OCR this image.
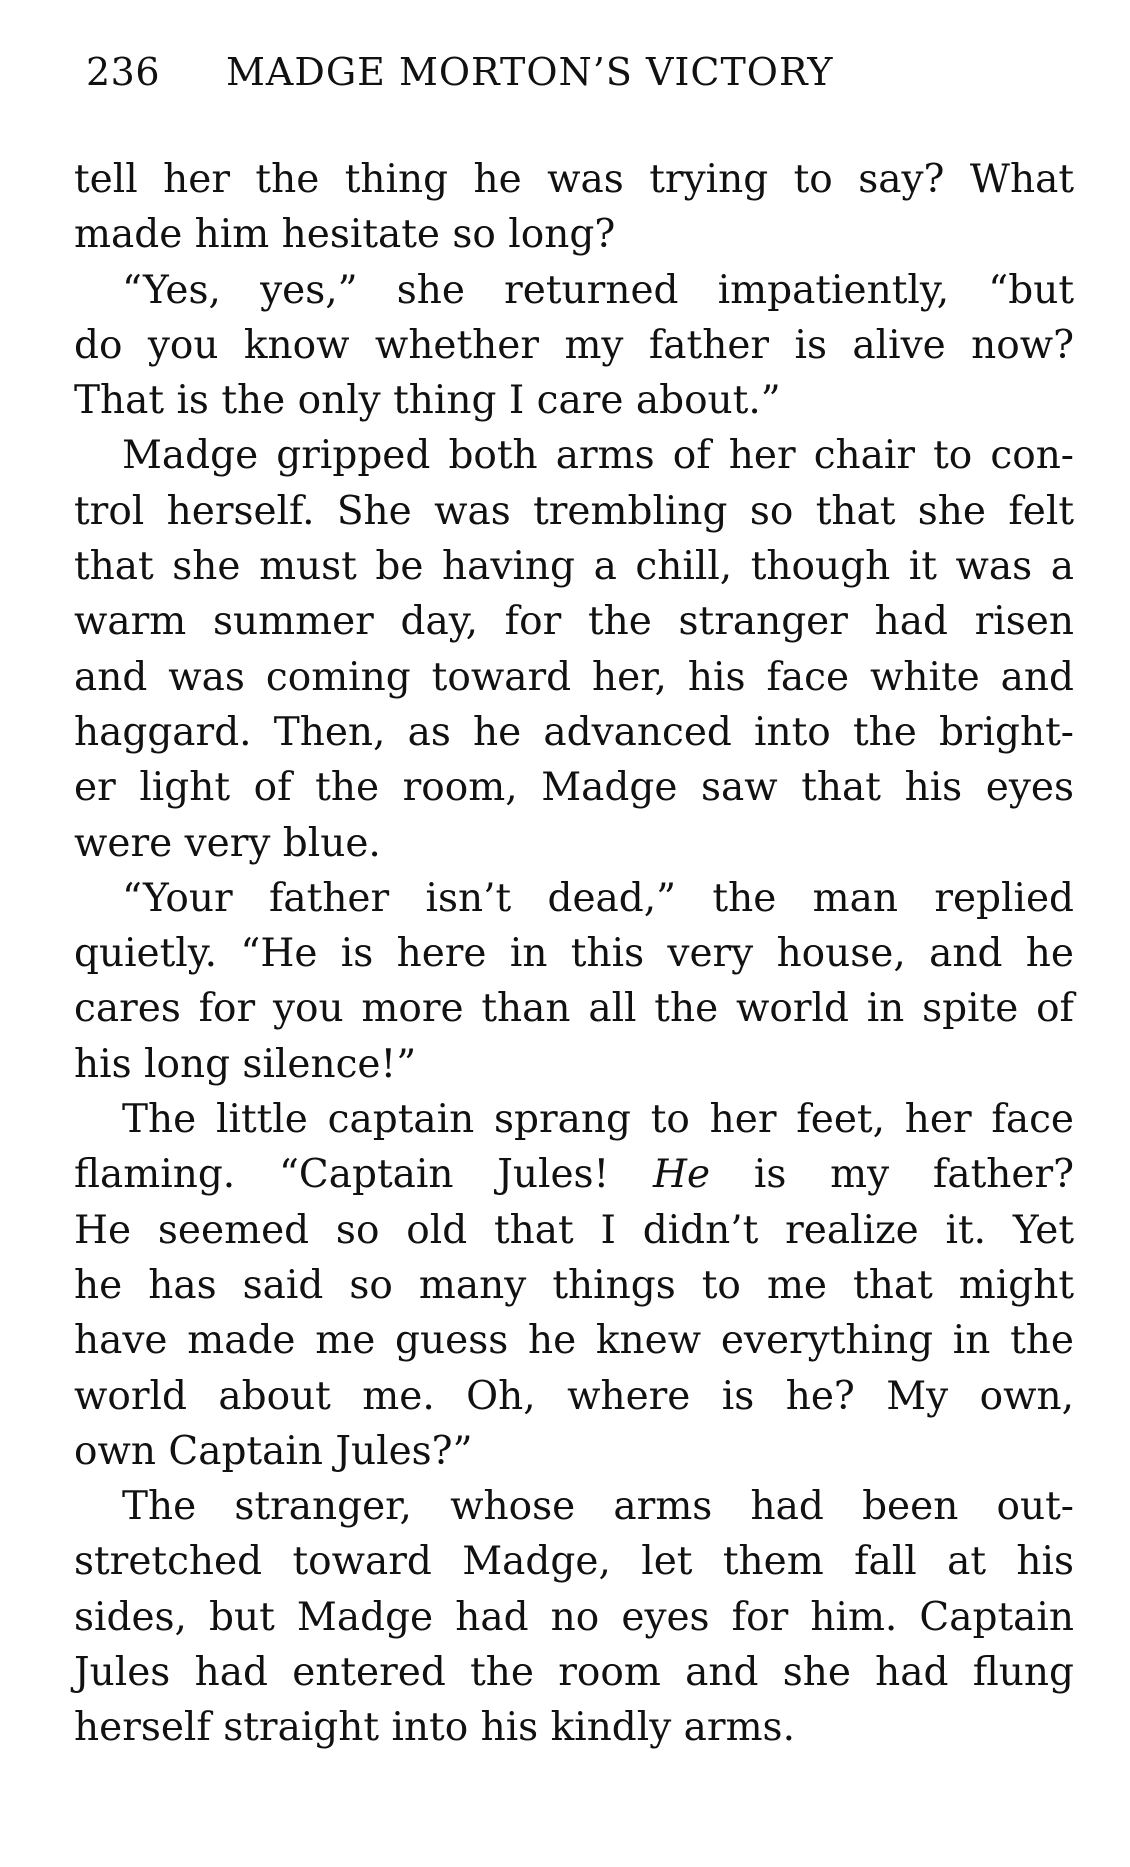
236 MADGE MORTON’S VICTORY
tell her the thing he was trying to say? What
made him hesitate so long?
“Yes, yes,” she returned impatiently, “but
do you know whether my father is alive now?
That is the only thing I care about.”
Madge gripped both arms of her chair to con-
trol herself. She was trembling so that she felt
that she must be having a chill, though it was a
warm summer day, for the stranger had risen
and was coming toward her, his face white and
haggard. Then, as he advanced into the bright-
er light of the room, Madge saw that his eyes
were very blue.
“Your father isn’t dead,” the man replied
quietly. “He is here in this very house, and he
cares for you more than all the world in spite of
his long silence!”
The little captain sprang to her feet, her face
flaming. “Captain Jules! He is my father?
He seemed so old that I didn’t realize it. Yet
he has said so many things to me that might
have made me guess he knew everything in the
world about me. Oh, where is he? My own,
own Captain Jules?”
The stranger, whose arms had been out-
stretched toward Madge, let them fall at his
sides, but Madge had no eyes for him. Captain
Jules had entered the room and she had flung
herself straight into his kindly arms.
